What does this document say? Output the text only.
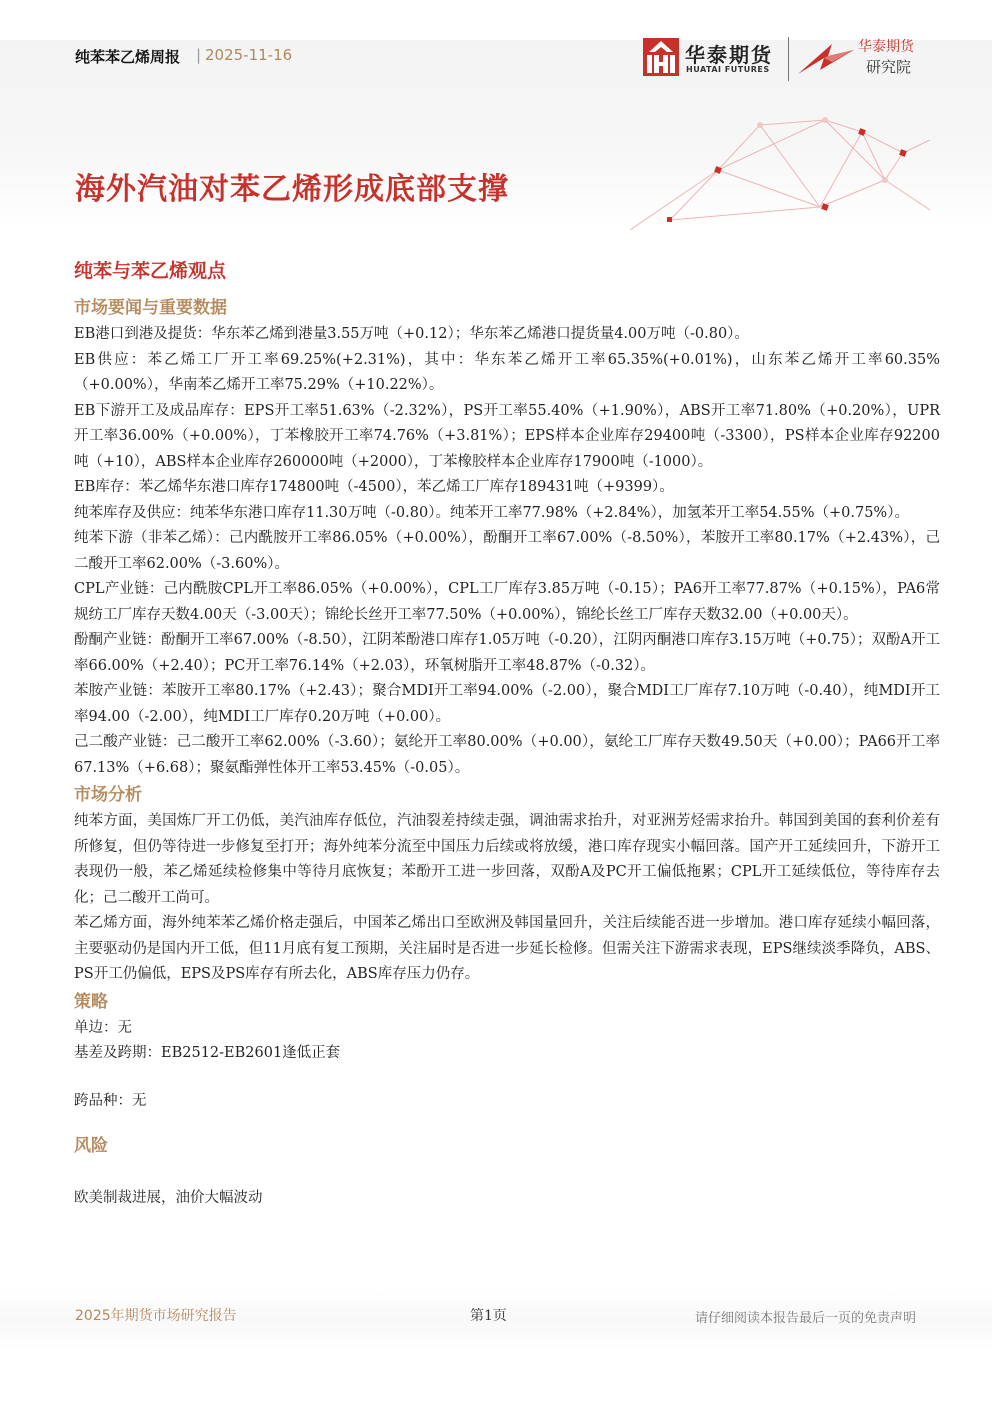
纯苯苯乙烯周报 | 2025-11-16	华泰期货
HUATAI FUTURES
华泰期货
研究院
海外汽油对苯乙烯形成底部支撑
纯苯与苯乙烯观点
市场要闻与重要数据
EB港口到港及提货：华东苯乙烯到港量3.55万吨（+0.12）；华东苯乙烯港口提货量4.00万吨（-0.80）。
EB供应：苯乙烯工厂开工率69.25%(+2.31%)，其中：华东苯乙烯开工率65.35%(+0.01%)，山东苯乙烯开工率60.35%（+0.00%），华南苯乙烯开工率75.29%（+10.22%）。
EB下游开工及成品库存：EPS开工率51.63%（-2.32%），PS开工率55.40%（+1.90%），ABS开工率71.80%（+0.20%），UPR开工率36.00%（+0.00%），丁苯橡胶开工率74.76%（+3.81%）；EPS样本企业库存29400吨（-3300），PS样本企业库存92200吨（+10），ABS样本企业库存260000吨（+2000），丁苯橡胶样本企业库存17900吨（-1000）。
EB库存：苯乙烯华东港口库存174800吨（-4500），苯乙烯工厂库存189431吨（+9399）。
纯苯库存及供应：纯苯华东港口库存11.30万吨（-0.80）。纯苯开工率77.98%（+2.84%），加氢苯开工率54.55%（+0.75%）。
纯苯下游（非苯乙烯）：己内酰胺开工率86.05%（+0.00%），酚酮开工率67.00%（-8.50%），苯胺开工率80.17%（+2.43%），己二酸开工率62.00%（-3.60%）。
CPL产业链：己内酰胺CPL开工率86.05%（+0.00%），CPL工厂库存3.85万吨（-0.15）；PA6开工率77.87%（+0.15%），PA6常规纺工厂库存天数4.00天（-3.00天）；锦纶长丝开工率77.50%（+0.00%），锦纶长丝工厂库存天数32.00（+0.00天）。
酚酮产业链：酚酮开工率67.00%（-8.50），江阴苯酚港口库存1.05万吨（-0.20），江阴丙酮港口库存3.15万吨（+0.75）；双酚A开工率66.00%（+2.40）；PC开工率76.14%（+2.03），环氧树脂开工率48.87%（-0.32）。
苯胺产业链：苯胺开工率80.17%（+2.43）；聚合MDI开工率94.00%（-2.00），聚合MDI工厂库存7.10万吨（-0.40），纯MDI开工率94.00（-2.00），纯MDI工厂库存0.20万吨（+0.00）。
己二酸产业链：己二酸开工率62.00%（-3.60）；氨纶开工率80.00%（+0.00），氨纶工厂库存天数49.50天（+0.00）；PA66开工率67.13%（+6.68）；聚氨酯弹性体开工率53.45%（-0.05）。
市场分析

纯苯方面，美国炼厂开工仍低，美汽油库存低位，汽油裂差持续走强，调油需求抬升，对亚洲芳烃需求抬升。韩国到美国的套利价差有所修复，但仍等待进一步修复至打开；海外纯苯分流至中国压力后续或将放缓，港口库存现实小幅回落。国产开工延续回升，下游开工表现仍一般，苯乙烯延续检修集中等待月底恢复；苯酚开工进一步回落，双酚A及PC开工偏低拖累；CPL开工延续低位，等待库存去化；己二酸开工尚可。

苯乙烯方面，海外纯苯苯乙烯价格走强后，中国苯乙烯出口至欧洲及韩国量回升，关注后续能否进一步增加。港口库存延续小幅回落，主要驱动仍是国内开工低，但11月底有复工预期，关注届时是否进一步延长检修。但需关注下游需求表现，EPS继续淡季降负，ABS、PS开工仍偏低，EPS及PS库存有所去化，ABS库存压力仍存。

策略

单边：无

基差及跨期：EB2512-EB2601逢低正套

跨品种：无

风险

欧美制裁进展，油价大幅波动

2025年期货市场研究报告	第1页	请仔细阅读本报告最后一页的免责声明
